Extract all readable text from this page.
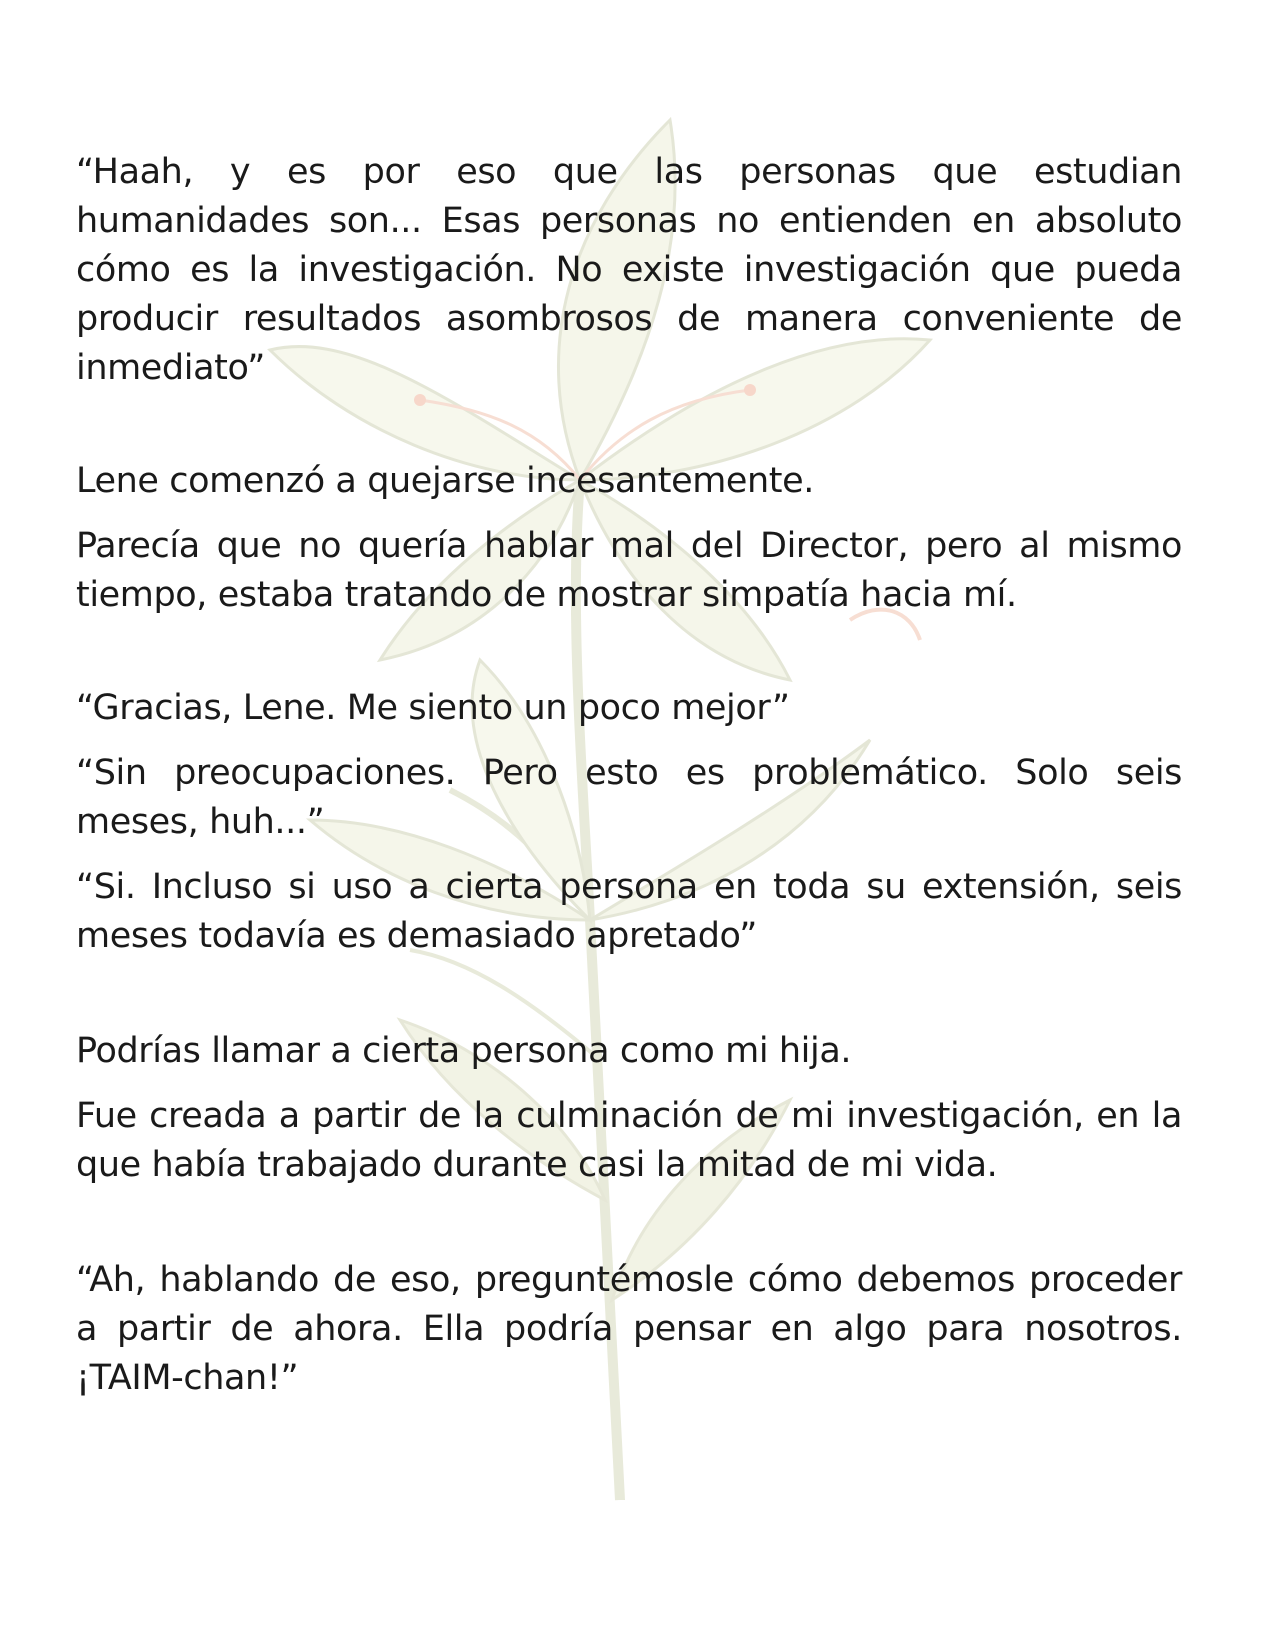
“Haah, y es por eso que las personas que estudian humanidades son... Esas personas no entienden en absoluto cómo es la investigación. No existe investigación que pueda producir resultados asombrosos de manera conveniente de inmediato”

Lene comenzó a quejarse incesantemente.

Parecía que no quería hablar mal del Director, pero al mismo tiempo, estaba tratando de mostrar simpatía hacia mí.

“Gracias, Lene. Me siento un poco mejor”

“Sin preocupaciones. Pero esto es problemático. Solo seis meses, huh...”

“Si. Incluso si uso a cierta persona en toda su extensión, seis meses todavía es demasiado apretado”

Podrías llamar a cierta persona como mi hija.

Fue creada a partir de la culminación de mi investigación, en la que había trabajado durante casi la mitad de mi vida.

“Ah, hablando de eso, preguntémosle cómo debemos proceder a partir de ahora. Ella podría pensar en algo para nosotros. ¡TAIM-chan!”
